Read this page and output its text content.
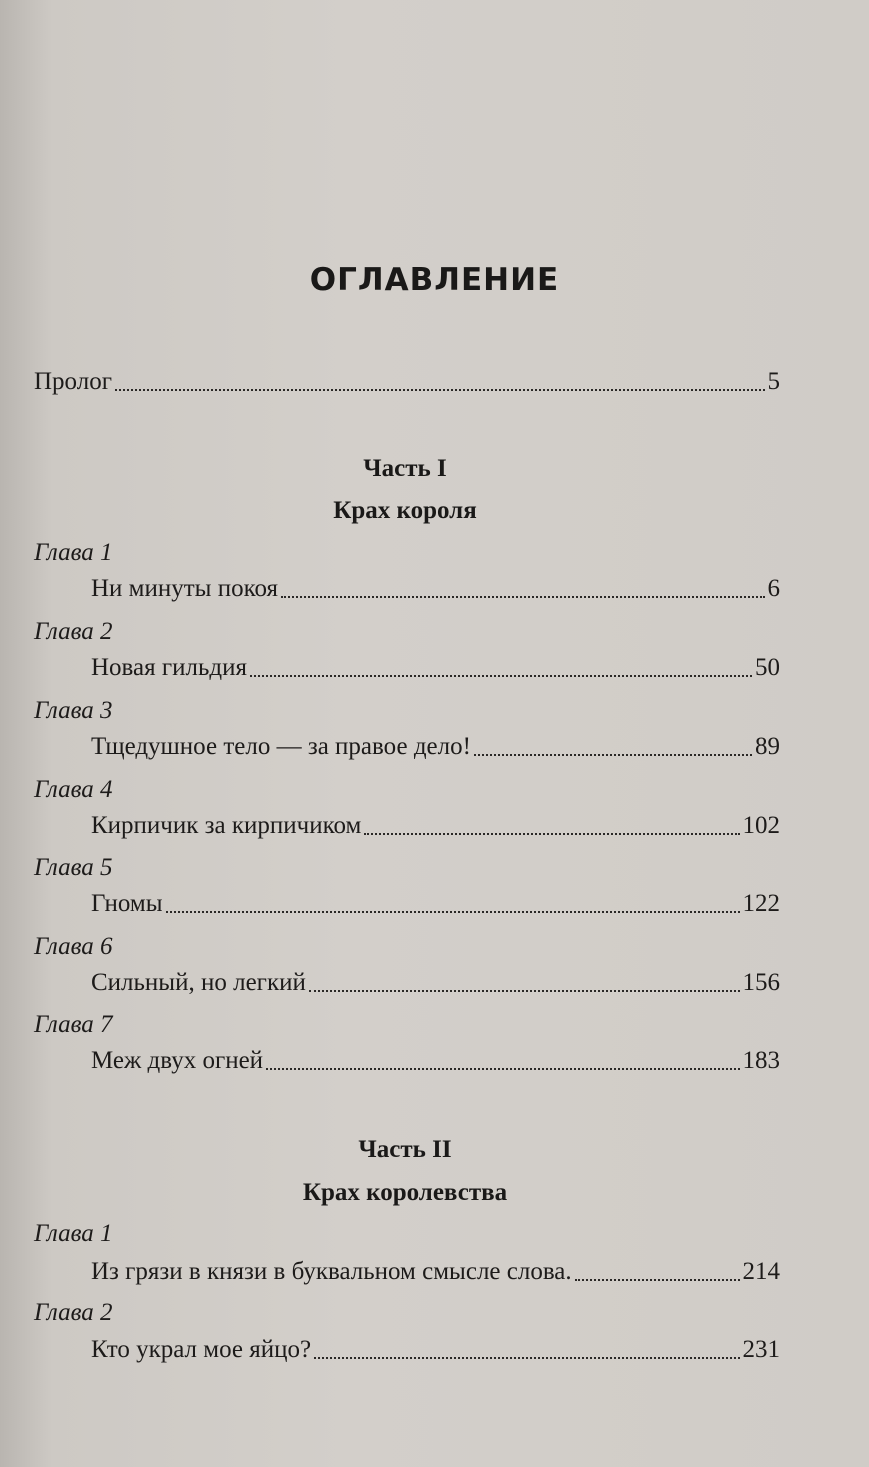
ОГЛАВЛЕНИЕ
Пролог	5
Часть I
Крах короля
Глава 1
Ни минуты покоя	6
Глава 2
Новая гильдия	50
Глава 3
Тщедушное тело — за правое дело!	89
Глава 4
Кирпичик за кирпичиком	102
Глава 5
Гномы	122
Глава 6
Сильный, но легкий	156
Глава 7
Меж двух огней	183
Часть II
Крах королевства
Глава 1
Из грязи в князи в буквальном смысле слова.	214
Глава 2
Кто украл мое яйцо?	231
